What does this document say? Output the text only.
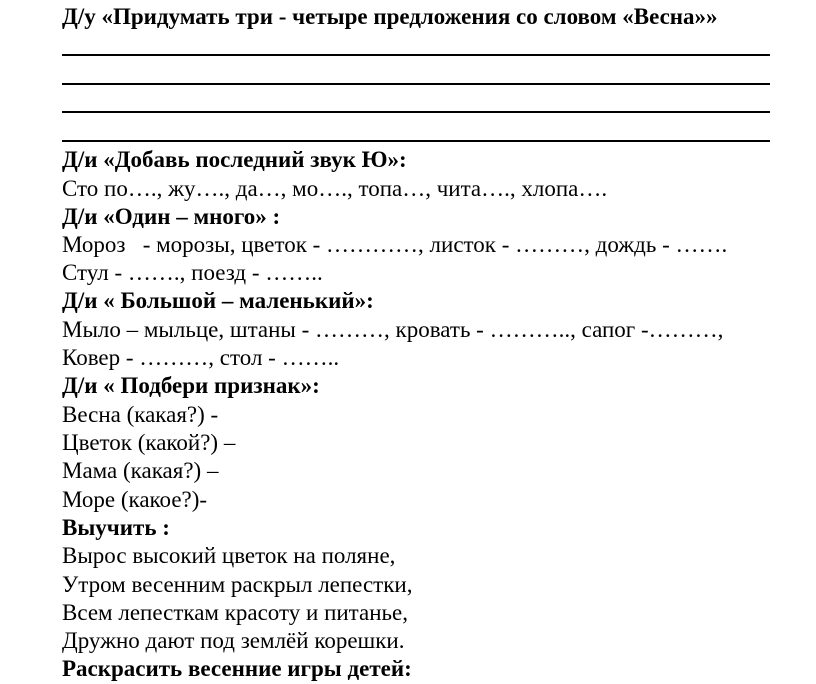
Д/у «Придумать три - четыре предложения со словом «Весна»»
Д/и «Добавь последний звук Ю»:
Сто по…., жу…., да…, мо…., топа…, чита…., хлопа….
Д/и «Один – много» :
Мороз   - морозы, цветок - …………, листок - ………, дождь - …….
Стул - ……., поезд - ……..
Д/и « Большой – маленький»:
Мыло – мыльце, штаны - ………, кровать - ……….., сапог -………,
Ковер - ………, стол - ……..
Д/и « Подбери признак»:
Весна (какая?) -
Цветок (какой?) –
Мама (какая?) –
Море (какое?)-
Выучить :
Вырос высокий цветок на поляне,
Утром весенним раскрыл лепестки,
Всем лепесткам красоту и питанье,
Дружно дают под землёй корешки.
Раскрасить весенние игры детей:
